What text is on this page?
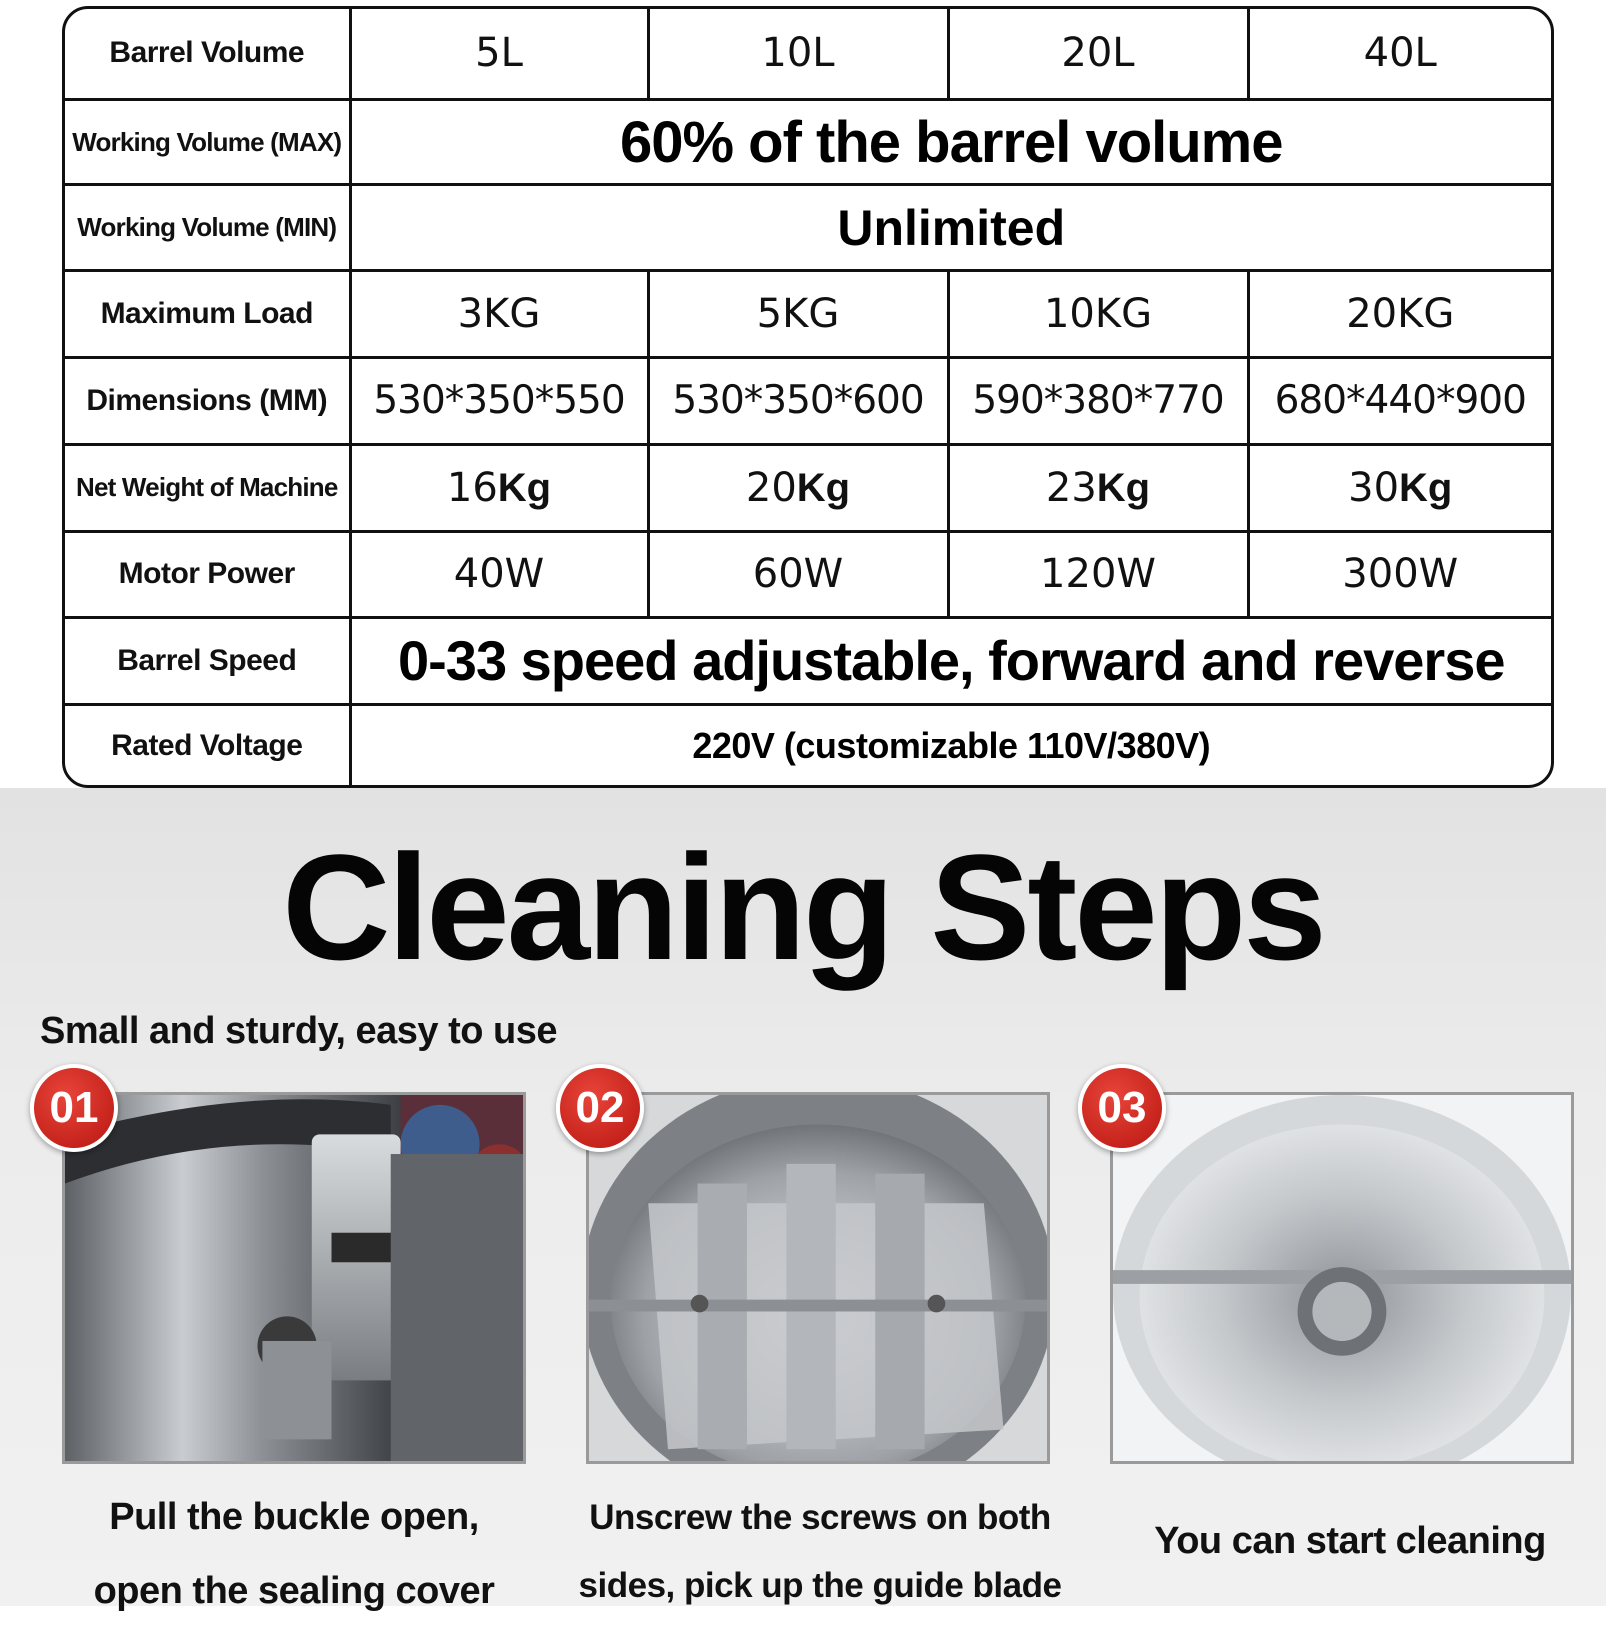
Barrel Volume	5L	10L	20L	40L
Working Volume (MAX)	60% of the barrel volume			
Working Volume (MIN)	Unlimited			
Maximum Load	3KG	5KG	10KG	20KG
Dimensions (MM)	530*350*550	530*350*600	590*380*770	680*440*900
Net Weight of Machine	16Kg	20Kg	23Kg	30Kg
Motor Power	40W	60W	120W	300W
Barrel Speed	0-33 speed adjustable, forward and reverse			
Rated Voltage	220V (customizable 110V/380V)			
Cleaning Steps
Small and sturdy, easy to use
01
Pull the buckle open,
open the sealing cover
02
Unscrew the screws on both
sides, pick up the guide blade
03
You can start cleaning
